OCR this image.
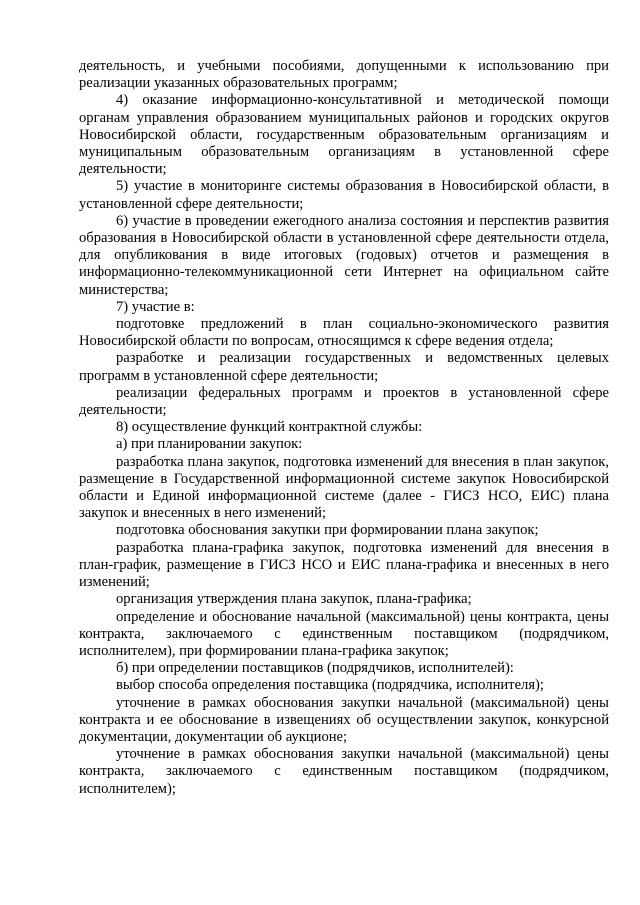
деятельность, и учебными пособиями, допущенными к использованию при реализации указанных образовательных программ;

4) оказание информационно-консультативной и методической помощи органам управления образованием муниципальных районов и городских округов Новосибирской области, государственным образовательным организациям и муниципальным образовательным организациям в установленной сфере деятельности;

5) участие в мониторинге системы образования в Новосибирской области, в установленной сфере деятельности;

6) участие в проведении ежегодного анализа состояния и перспектив развития образования в Новосибирской области в установленной сфере деятельности отдела, для опубликования в виде итоговых (годовых) отчетов и размещения в информационно-телекоммуникационной сети Интернет на официальном сайте министерства;

7) участие в:

подготовке предложений в план социально-экономического развития Новосибирской области по вопросам, относящимся к сфере ведения отдела;

разработке и реализации государственных и ведомственных целевых программ в установленной сфере деятельности;

реализации федеральных программ и проектов в установленной сфере деятельности;

8) осуществление функций контрактной службы:

а) при планировании закупок:

разработка плана закупок, подготовка изменений для внесения в план закупок, размещение в Государственной информационной системе закупок Новосибирской области и Единой информационной системе (далее - ГИСЗ НСО, ЕИС) плана закупок и внесенных в него изменений;

подготовка обоснования закупки при формировании плана закупок;

разработка плана-графика закупок, подготовка изменений для внесения в план-график, размещение в ГИСЗ НСО и ЕИС плана-графика и внесенных в него изменений;

организация утверждения плана закупок, плана-графика;

определение и обоснование начальной (максимальной) цены контракта, цены контракта, заключаемого с единственным поставщиком (подрядчиком, исполнителем), при формировании плана-графика закупок;

б) при определении поставщиков (подрядчиков, исполнителей):

выбор способа определения поставщика (подрядчика, исполнителя);

уточнение в рамках обоснования закупки начальной (максимальной) цены контракта и ее обоснование в извещениях об осуществлении закупок, конкурсной документации, документации об аукционе;

уточнение в рамках обоснования закупки начальной (максимальной) цены контракта, заключаемого с единственным поставщиком (подрядчиком, исполнителем);
